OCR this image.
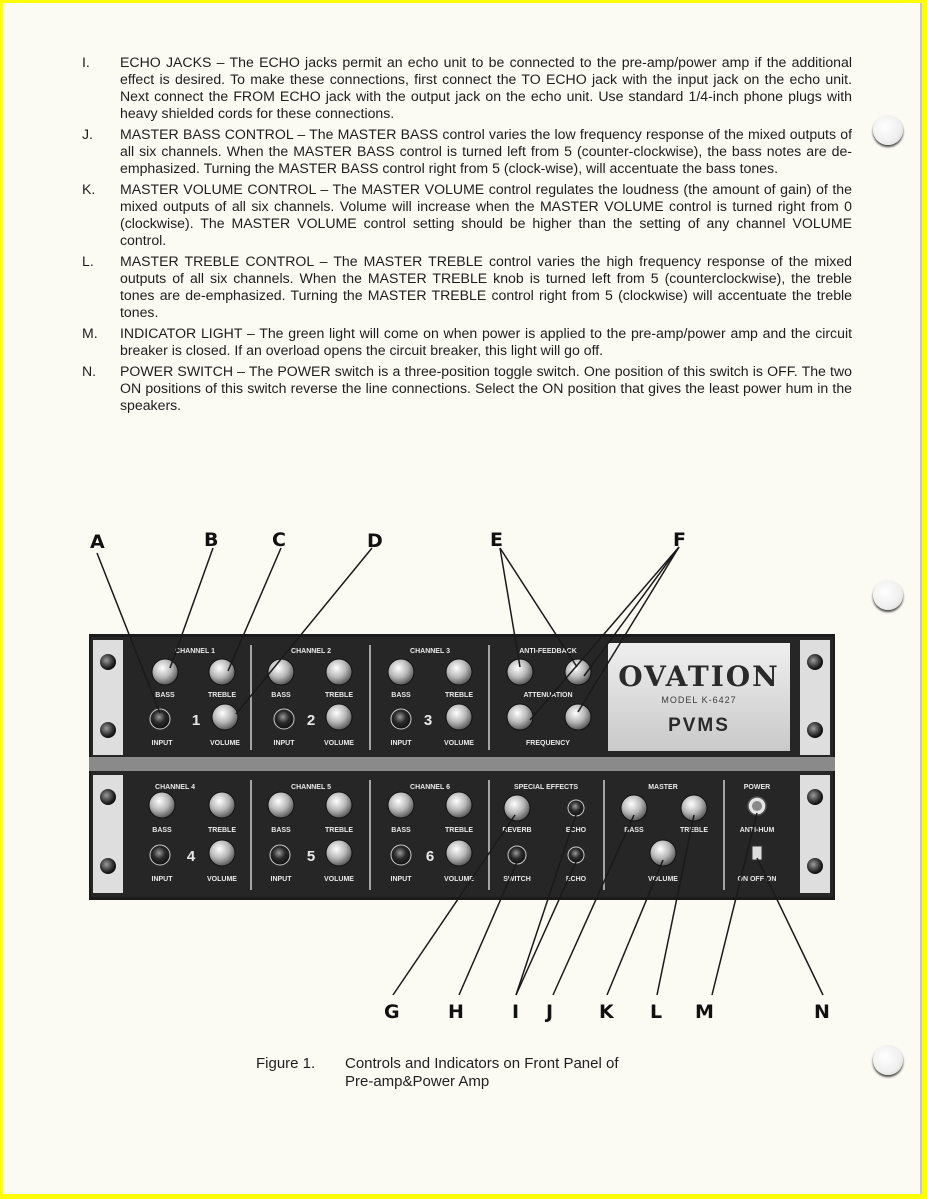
I. ECHO JACKS – The ECHO jacks permit an echo unit to be connected to the pre-amp/power amp if the additional effect is desired. To make these connections, first connect the TO ECHO jack with the input jack on the echo unit. Next connect the FROM ECHO jack with the output jack on the echo unit. Use standard 1/4-inch phone plugs with heavy shielded cords for these connections.
J. MASTER BASS CONTROL – The MASTER BASS control varies the low frequency response of the mixed outputs of all six channels. When the MASTER BASS control is turned left from 5 (counter-clockwise), the bass notes are de-emphasized. Turning the MASTER BASS control right from 5 (clock-wise), will accentuate the bass tones.
K. MASTER VOLUME CONTROL – The MASTER VOLUME control regulates the loudness (the amount of gain) of the mixed outputs of all six channels. Volume will increase when the MASTER VOLUME control is turned right from 0 (clockwise). The MASTER VOLUME control setting should be higher than the setting of any channel VOLUME control.
L. MASTER TREBLE CONTROL – The MASTER TREBLE control varies the high frequency response of the mixed outputs of all six channels. When the MASTER TREBLE knob is turned left from 5 (counterclockwise), the treble tones are de-emphasized. Turning the MASTER TREBLE control right from 5 (clockwise) will accentuate the treble tones.
M. INDICATOR LIGHT – The green light will come on when power is applied to the pre-amp/power amp and the circuit breaker is closed. If an overload opens the circuit breaker, this light will go off.
N. POWER SWITCH – The POWER switch is a three-position toggle switch. One position of this switch is OFF. The two ON positions of this switch reverse the line connections. Select the ON position that gives the least power hum in the speakers.
CHANNEL 1
BASS	TREBLE
1
INPUT	VOLUME
CHANNEL 2
BASS	TREBLE
2
INPUT	VOLUME
CHANNEL 3
BASS	TREBLE
3
INPUT	VOLUME
ANTI-FEEDBACK
ATTENUATION
FREQUENCY
OVATION
MODEL K-6427
PVMS
CHANNEL 4
BASS	TREBLE
4
INPUT	VOLUME
CHANNEL 5
BASS	TREBLE
5
INPUT	VOLUME
CHANNEL 6
BASS	TREBLE
6
INPUT	VOLUME
SPECIAL EFFECTS
REVERB	ECHO
SWITCH	ECHO
MASTER
BASS	TREBLE
VOLUME
POWER
ANTI-HUM
ON OFF ON
A	B	C	D	E	F
G	H	I J K L M	N
Figure 1. Controls and Indicators on Front Panel of
Pre-amp&Power Amp
